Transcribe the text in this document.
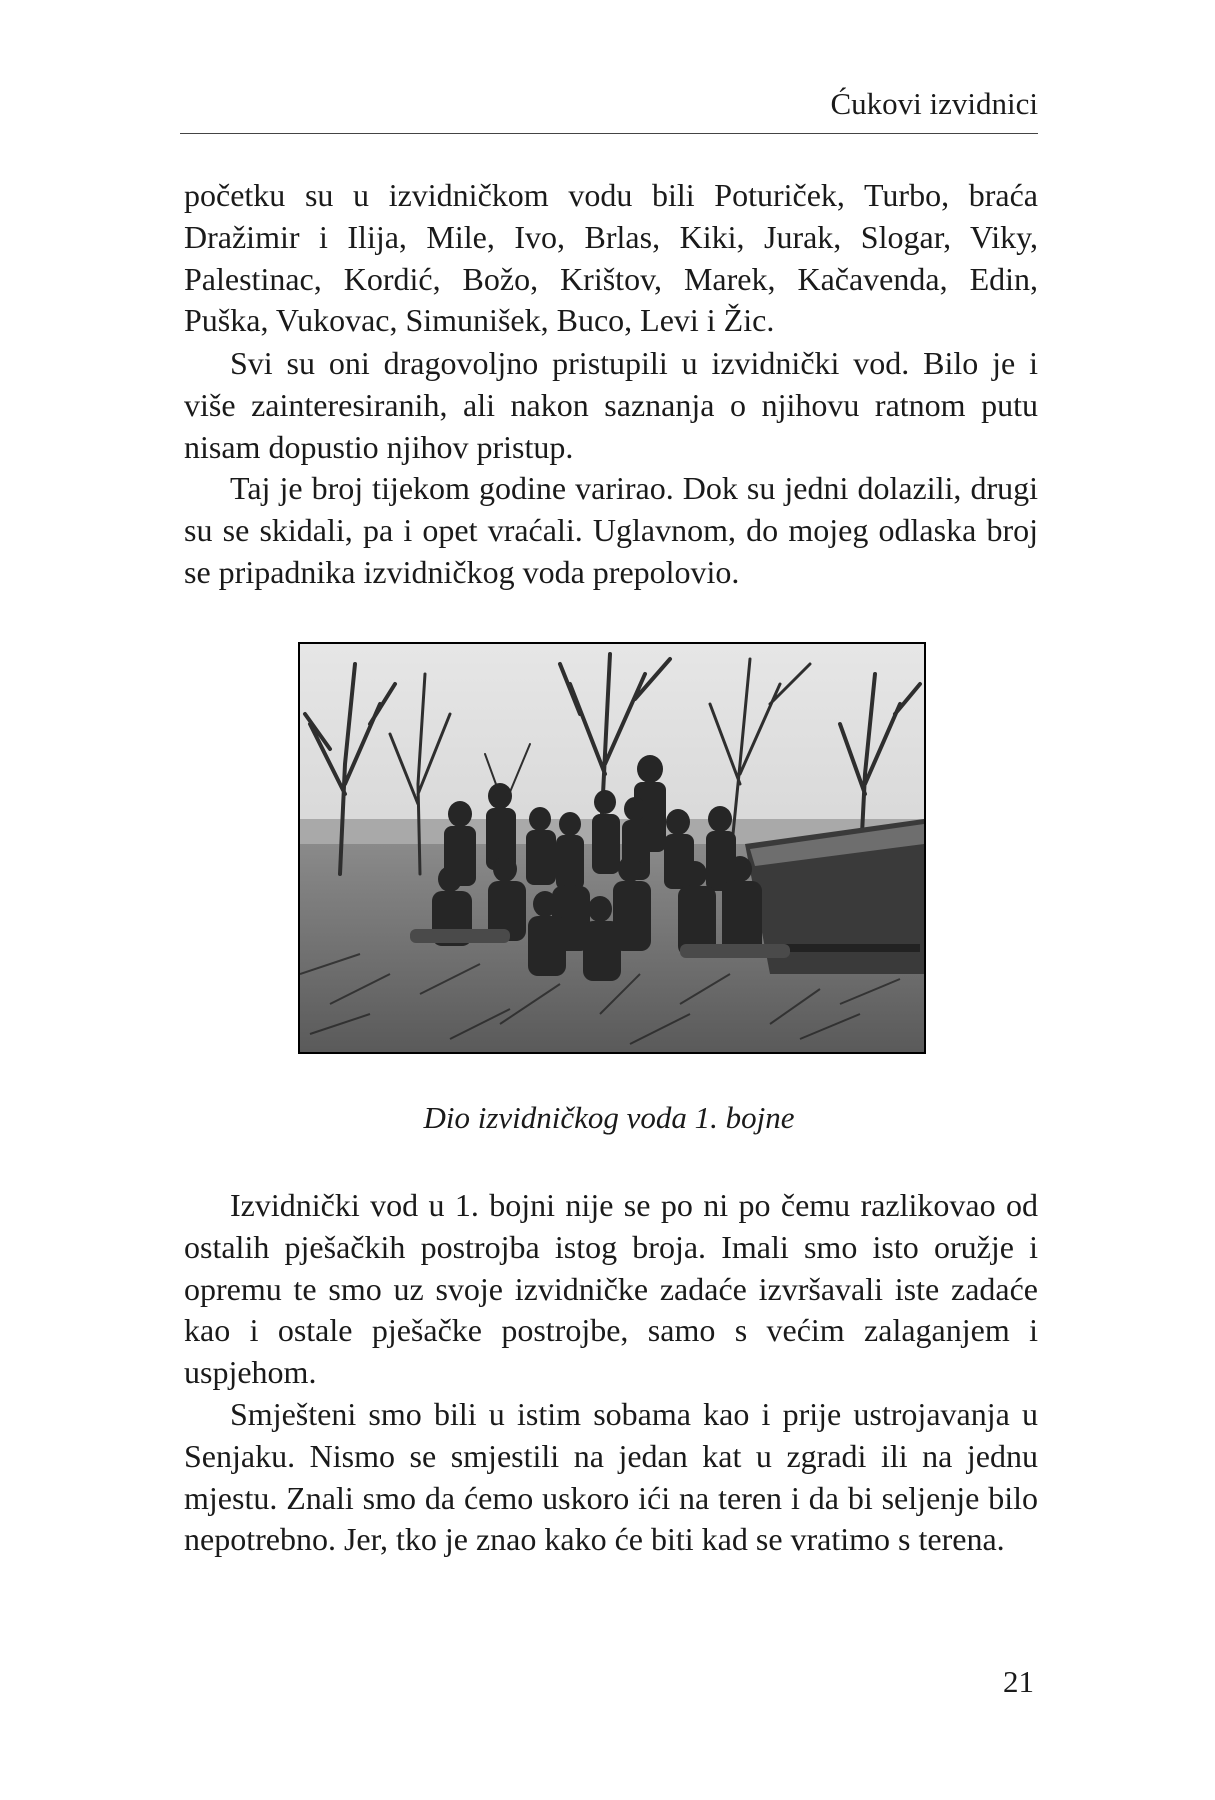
Ćukovi izvidnici

početku su u izvidničkom vodu bili Poturiček, Turbo, braća Dražimir i Ilija, Mile, Ivo, Brlas, Kiki, Jurak, Slogar, Viky, Palestinac, Kordić, Božo, Krištov, Marek, Kačavenda, Edin, Puška, Vukovac, Simunišek, Buco, Levi i Žic.

Svi su oni dragovoljno pristupili u izvidnički vod. Bilo je i više zainteresiranih, ali nakon saznanja o njihovu ratnom putu nisam dopustio njihov pristup.

Taj je broj tijekom godine varirao. Dok su jedni dolazili, drugi su se skidali, pa i opet vraćali. Uglavnom, do mojeg odlaska broj se pripadnika izvidničkog voda prepolovio.

Dio izvidničkog voda 1. bojne

Izvidnički vod u 1. bojni nije se po ni po čemu razlikovao od ostalih pješačkih postrojba istog broja. Imali smo isto oružje i opremu te smo uz svoje izvidničke zadaće izvršavali iste zadaće kao i ostale pješačke postrojbe, samo s većim zalaganjem i uspjehom.

Smješteni smo bili u istim sobama kao i prije ustrojavanja u Senjaku. Nismo se smjestili na jedan kat u zgradi ili na jednu mjestu. Znali smo da ćemo uskoro ići na teren i da bi seljenje bilo nepotrebno. Jer, tko je znao kako će biti kad se vratimo s terena.

21
